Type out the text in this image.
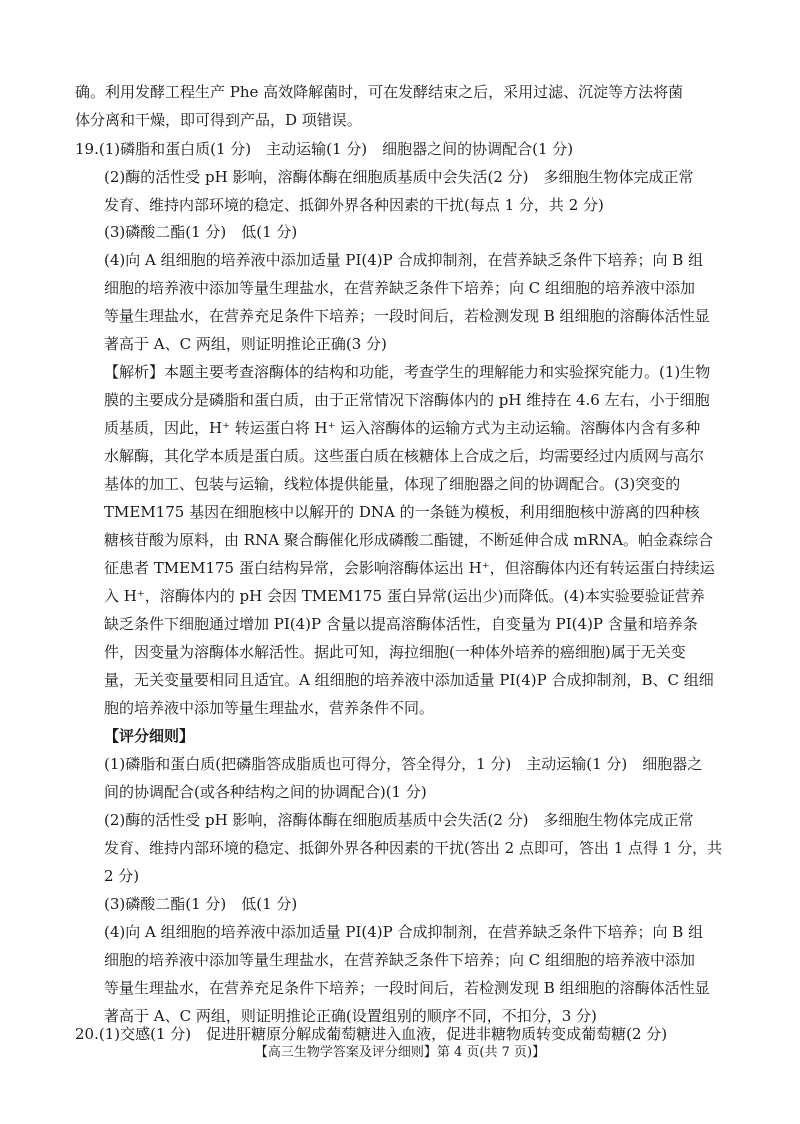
确。利用发酵工程生产 Phe 高效降解菌时，可在发酵结束之后，采用过滤、沉淀等方法将菌
体分离和干燥，即可得到产品，D 项错误。
19.(1)磷脂和蛋白质(1 分)　主动运输(1 分)　细胞器之间的协调配合(1 分)
(2)酶的活性受 pH 影响，溶酶体酶在细胞质基质中会失活(2 分)　多细胞生物体完成正常
发育、维持内部环境的稳定、抵御外界各种因素的干扰(每点 1 分，共 2 分)
(3)磷酸二酯(1 分)　低(1 分)
(4)向 A 组细胞的培养液中添加适量 PI(4)P 合成抑制剂，在营养缺乏条件下培养；向 B 组
细胞的培养液中添加等量生理盐水，在营养缺乏条件下培养；向 C 组细胞的培养液中添加
等量生理盐水，在营养充足条件下培养；一段时间后，若检测发现 B 组细胞的溶酶体活性显
著高于 A、C 两组，则证明推论正确(3 分)
【解析】本题主要考查溶酶体的结构和功能，考查学生的理解能力和实验探究能力。(1)生物
膜的主要成分是磷脂和蛋白质，由于正常情况下溶酶体内的 pH 维持在 4.6 左右，小于细胞
质基质，因此，H⁺ 转运蛋白将 H⁺ 运入溶酶体的运输方式为主动运输。溶酶体内含有多种
水解酶，其化学本质是蛋白质。这些蛋白质在核糖体上合成之后，均需要经过内质网与高尔
基体的加工、包装与运输，线粒体提供能量，体现了细胞器之间的协调配合。(3)突变的
TMEM175 基因在细胞核中以解开的 DNA 的一条链为模板，利用细胞核中游离的四种核
糖核苷酸为原料，由 RNA 聚合酶催化形成磷酸二酯键，不断延伸合成 mRNA。帕金森综合
征患者 TMEM175 蛋白结构异常，会影响溶酶体运出 H⁺，但溶酶体内还有转运蛋白持续运
入 H⁺，溶酶体内的 pH 会因 TMEM175 蛋白异常(运出少)而降低。(4)本实验要验证营养
缺乏条件下细胞通过增加 PI(4)P 含量以提高溶酶体活性，自变量为 PI(4)P 含量和培养条
件，因变量为溶酶体水解活性。据此可知，海拉细胞(一种体外培养的癌细胞)属于无关变
量，无关变量要相同且适宜。A 组细胞的培养液中添加适量 PI(4)P 合成抑制剂，B、C 组细
胞的培养液中添加等量生理盐水，营养条件不同。
【评分细则】
(1)磷脂和蛋白质(把磷脂答成脂质也可得分，答全得分，1 分)　主动运输(1 分)　细胞器之
间的协调配合(或各种结构之间的协调配合)(1 分)
(2)酶的活性受 pH 影响，溶酶体酶在细胞质基质中会失活(2 分)　多细胞生物体完成正常
发育、维持内部环境的稳定、抵御外界各种因素的干扰(答出 2 点即可，答出 1 点得 1 分，共
2 分)
(3)磷酸二酯(1 分)　低(1 分)
(4)向 A 组细胞的培养液中添加适量 PI(4)P 合成抑制剂，在营养缺乏条件下培养；向 B 组
细胞的培养液中添加等量生理盐水，在营养缺乏条件下培养；向 C 组细胞的培养液中添加
等量生理盐水，在营养充足条件下培养；一段时间后，若检测发现 B 组细胞的溶酶体活性显
著高于 A、C 两组，则证明推论正确(设置组别的顺序不同，不扣分，3 分)
20.(1)交感(1 分)　促进肝糖原分解成葡萄糖进入血液，促进非糖物质转变成葡萄糖(2 分)
【高三生物学答案及评分细则】第 4 页(共 7 页)】
